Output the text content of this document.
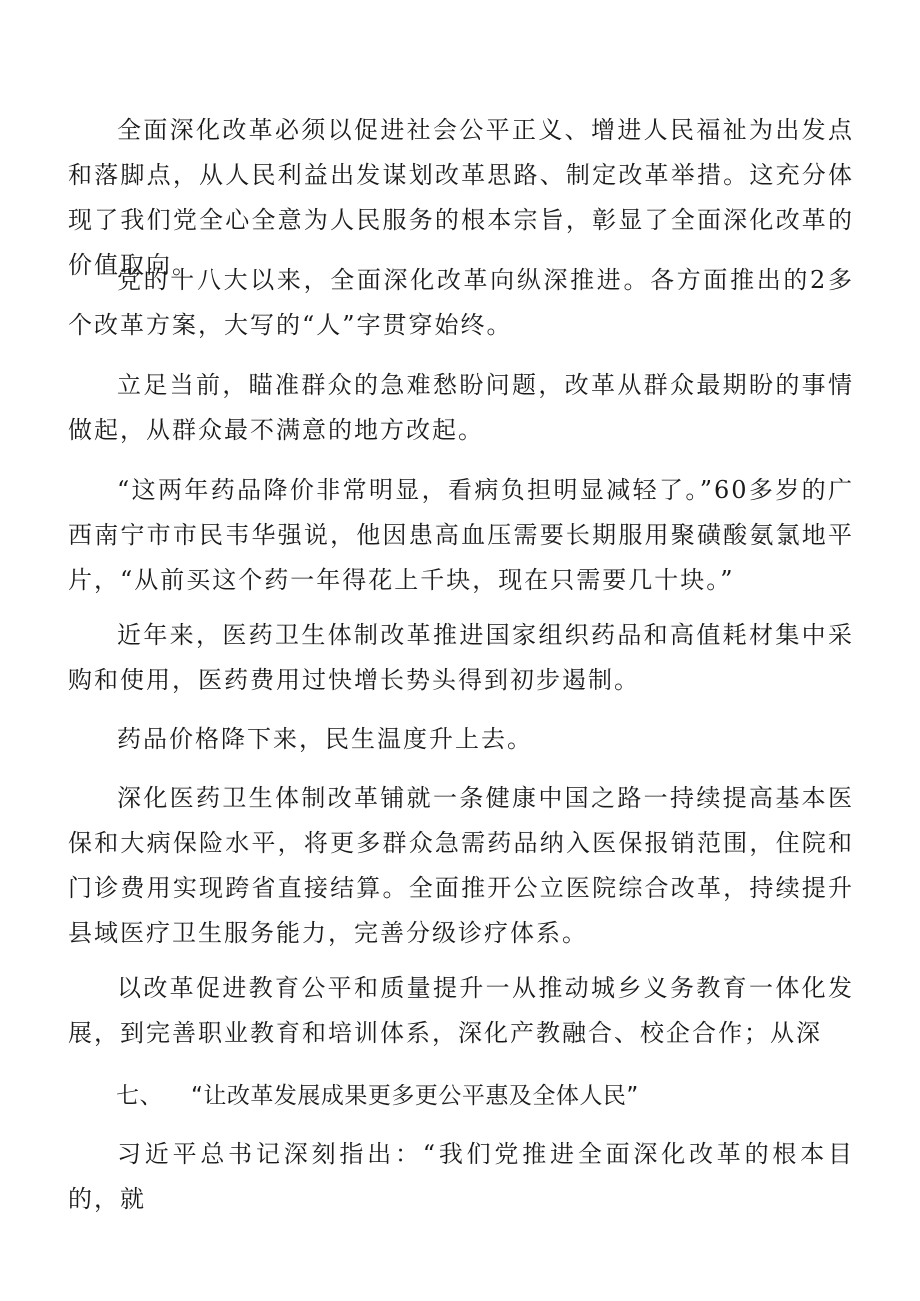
全面深化改革必须以促进社会公平正义、增进人民福祉为出发点和落脚点，从人民利益出发谋划改革思路、制定改革举措。这充分体现了我们党全心全意为人民服务的根本宗旨，彰显了全面深化改革的价值取向。

党的十八大以来，全面深化改革向纵深推进。各方面推出的2多个改革方案，大写的“人”字贯穿始终。

立足当前，瞄准群众的急难愁盼问题，改革从群众最期盼的事情做起，从群众最不满意的地方改起。

“这两年药品降价非常明显，看病负担明显减轻了。”60多岁的广西南宁市市民韦华强说，他因患高血压需要长期服用聚磺酸氨氯地平片，“从前买这个药一年得花上千块，现在只需要几十块。”

近年来，医药卫生体制改革推进国家组织药品和高值耗材集中采购和使用，医药费用过快增长势头得到初步遏制。

药品价格降下来，民生温度升上去。

深化医药卫生体制改革铺就一条健康中国之路一持续提高基本医保和大病保险水平，将更多群众急需药品纳入医保报销范围，住院和门诊费用实现跨省直接结算。全面推开公立医院综合改革，持续提升县域医疗卫生服务能力，完善分级诊疗体系。

以改革促进教育公平和质量提升一从推动城乡义务教育一体化发展，到完善职业教育和培训体系，深化产教融合、校企合作；从深

七、 “让改革发展成果更多更公平惠及全体人民”

习近平总书记深刻指出：“我们党推进全面深化改革的根本目的，就
